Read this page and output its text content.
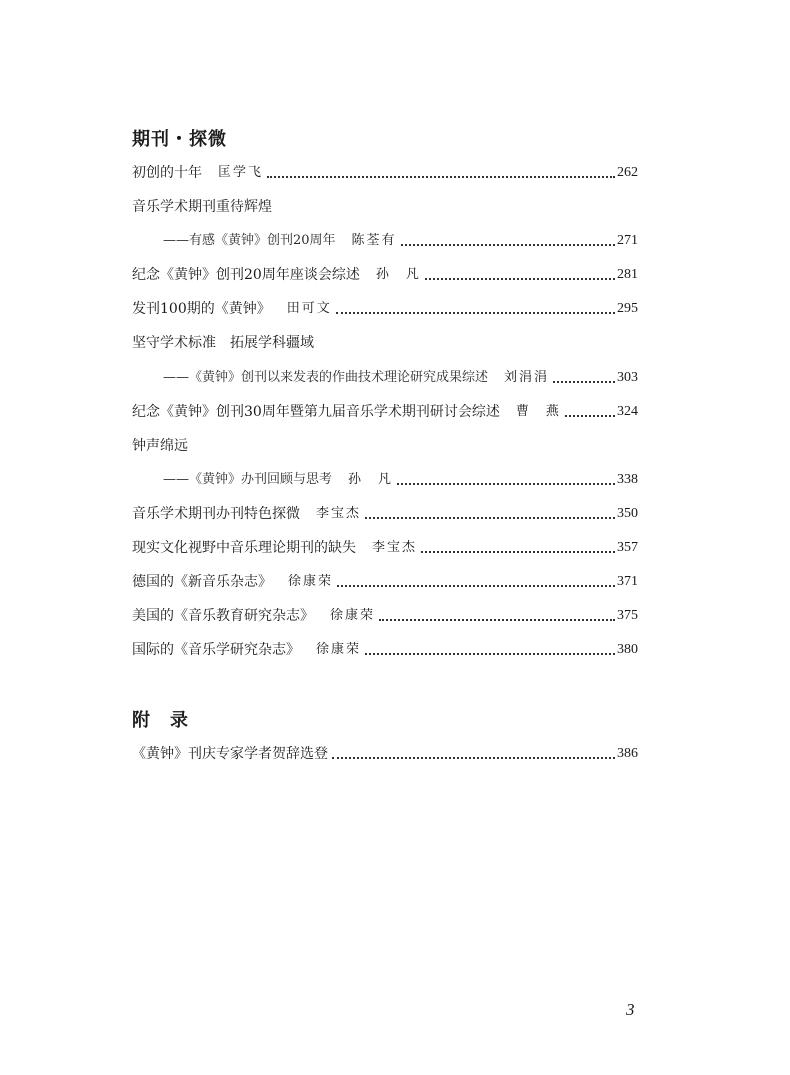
期刊・探微
初创的十年 匡学飞	262
音乐学术期刊重待辉煌
——有感《黄钟》创刊20周年 陈荃有	271
纪念《黄钟》创刊20周年座谈会综述 孙　凡	281
发刊100期的《黄钟》 田可文	295
坚守学术标准　拓展学科疆域
——《黄钟》创刊以来发表的作曲技术理论研究成果综述 刘涓涓	303
纪念《黄钟》创刊30周年暨第九届音乐学术期刊研讨会综述 曹　燕	324
钟声绵远
——《黄钟》办刊回顾与思考 孙　凡	338
音乐学术期刊办刊特色探微 李宝杰	350
现实文化视野中音乐理论期刊的缺失 李宝杰	357
德国的《新音乐杂志》 徐康荣	371
美国的《音乐教育研究杂志》 徐康荣	375
国际的《音乐学研究杂志》 徐康荣	380
附　录
《黄钟》刊庆专家学者贺辞选登	386
3
